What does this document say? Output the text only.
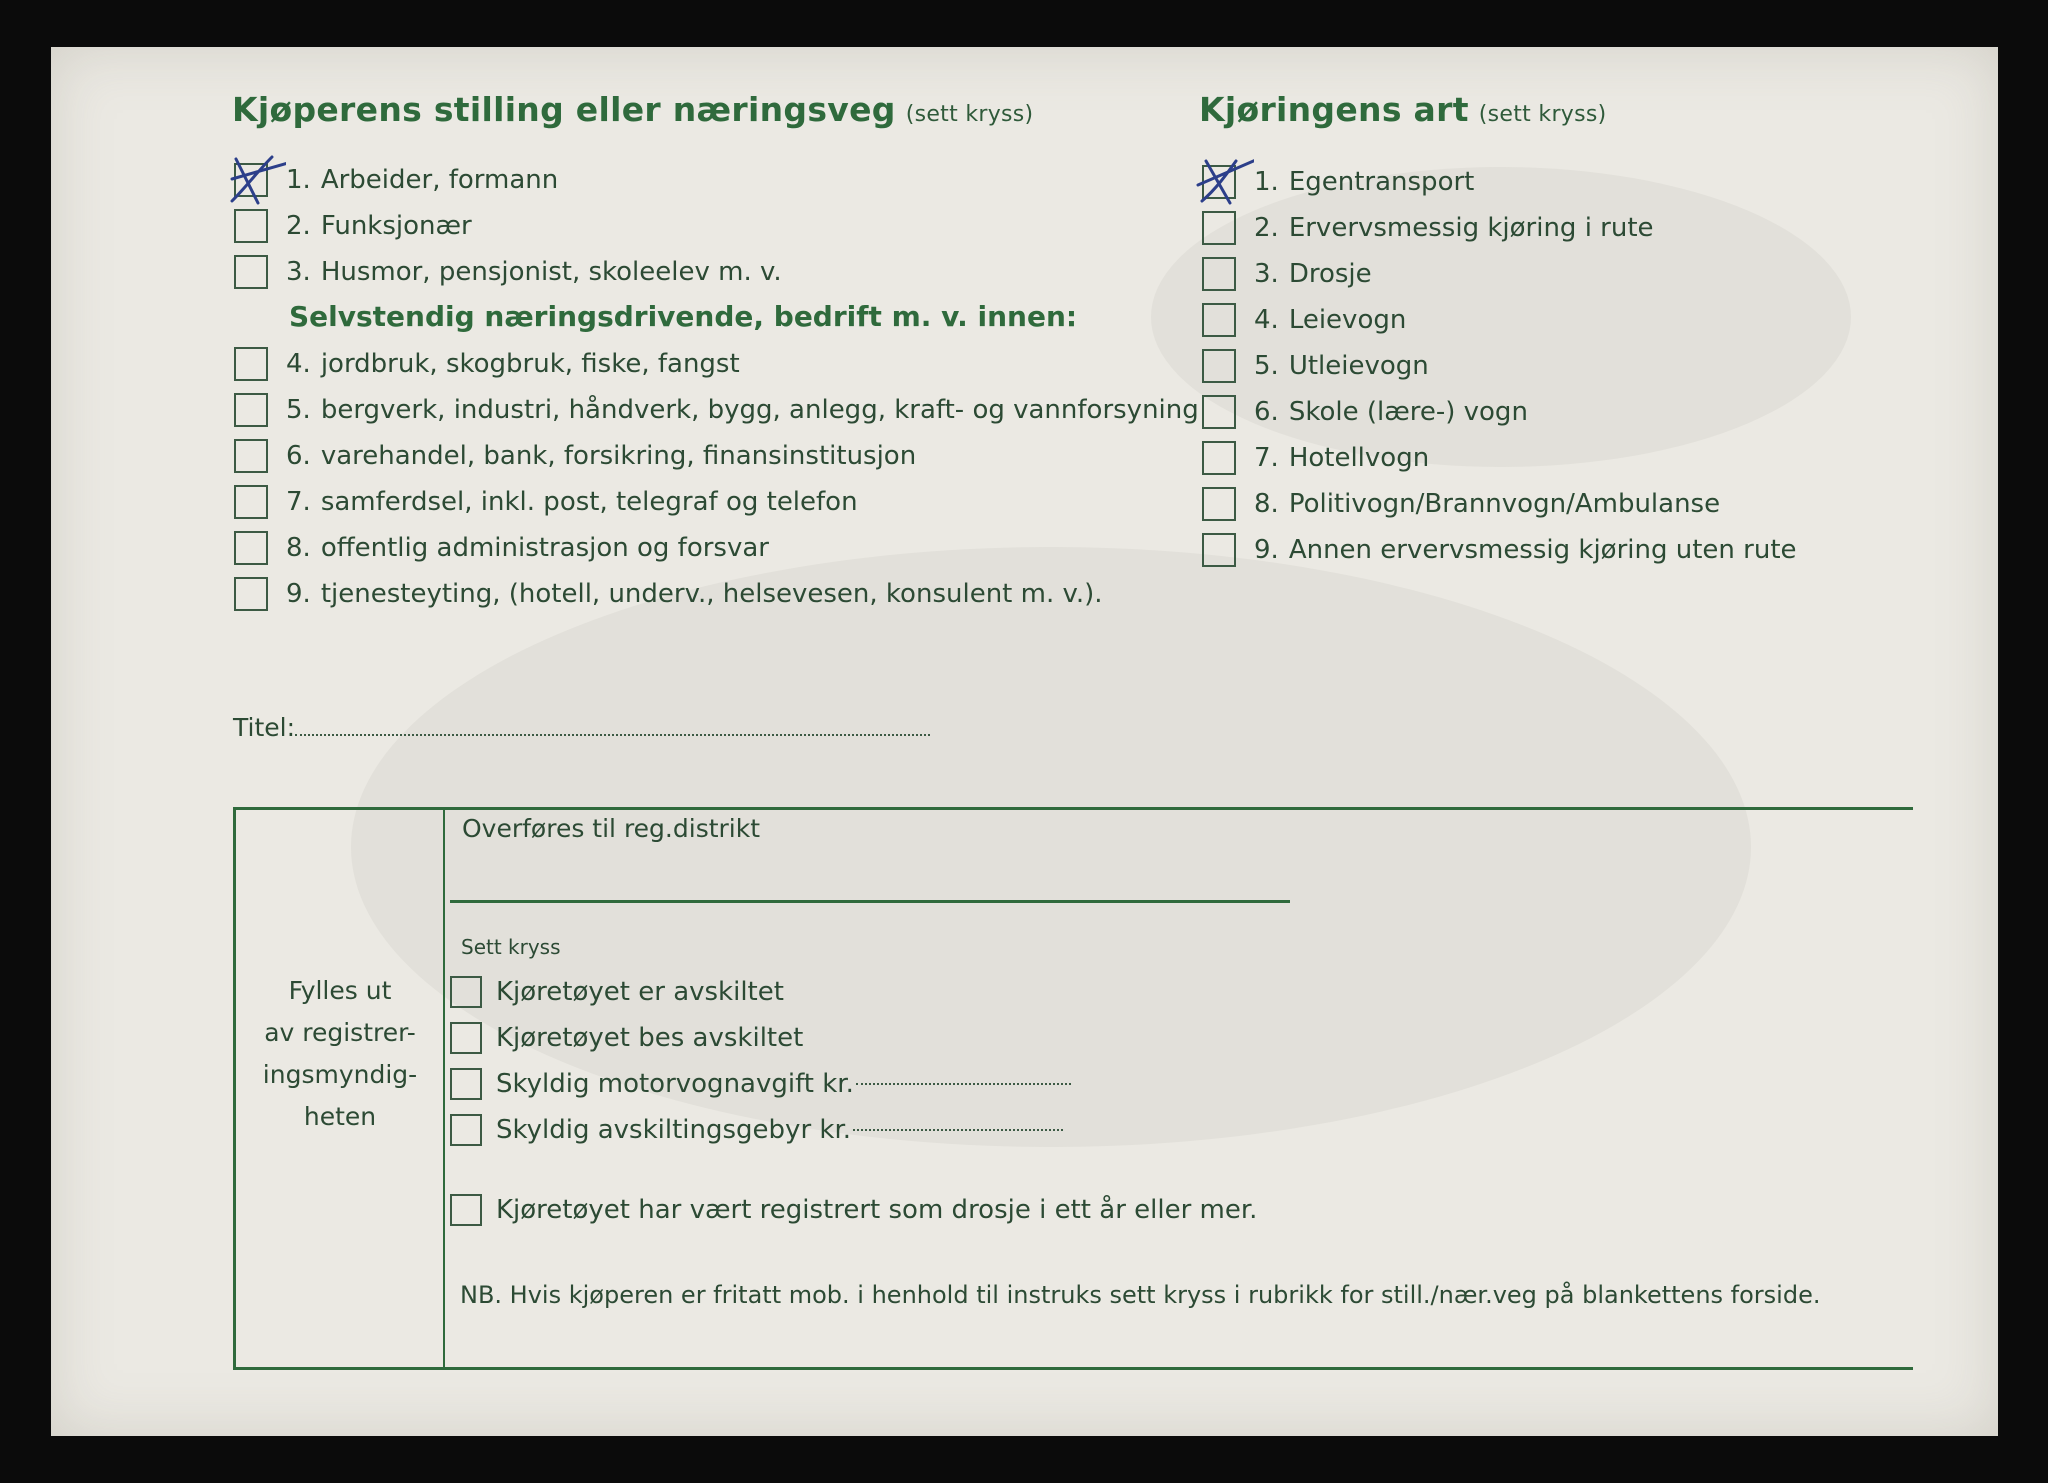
Kjøperens stilling eller næringsveg (sett kryss)	Kjøringens art (sett kryss)
1. Arbeider, formann
2. Funksjonær
3. Husmor, pensjonist, skoleelev m. v.
Selvstendig næringsdrivende, bedrift m. v. innen:
4. jordbruk, skogbruk, fiske, fangst
5. bergverk, industri, håndverk, bygg, anlegg, kraft- og vannforsyning
6. varehandel, bank, forsikring, finansinstitusjon
7. samferdsel, inkl. post, telegraf og telefon
8. offentlig administrasjon og forsvar
9. tjenesteyting, (hotell, underv., helsevesen, konsulent m. v.).
1. Egentransport
2. Ervervsmessig kjøring i rute
3. Drosje
4. Leievogn
5. Utleievogn
6. Skole (lære-) vogn
7. Hotellvogn
8. Politivogn/Brannvogn/Ambulanse
9. Annen ervervsmessig kjøring uten rute
Titel:
Fylles ut
av registrer-
ingsmyndig-
heten
Overføres til reg.distrikt
Sett kryss
Kjøretøyet er avskiltet
Kjøretøyet bes avskiltet
Skyldig motorvognavgift kr.
Skyldig avskiltingsgebyr kr.
Kjøretøyet har vært registrert som drosje i ett år eller mer.
NB. Hvis kjøperen er fritatt mob. i henhold til instruks sett kryss i rubrikk for still./nær.veg på blankettens forside.
